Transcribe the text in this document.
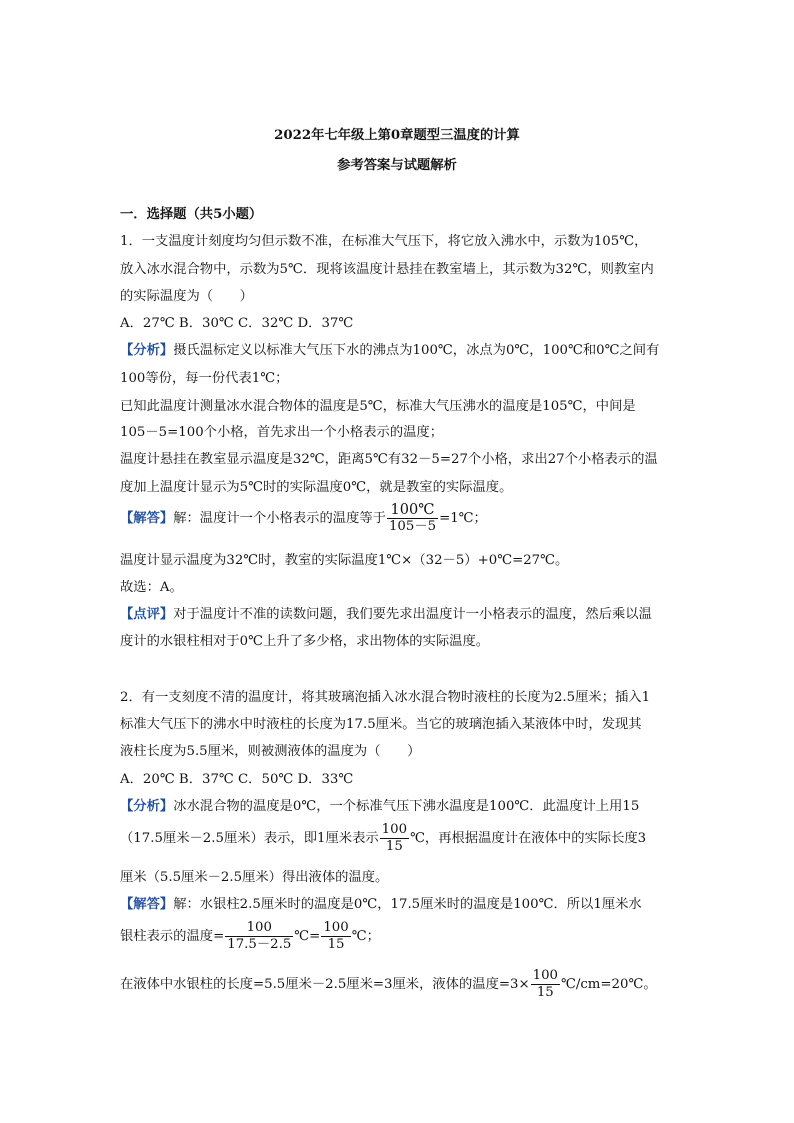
2022年七年级上第0章题型三温度的计算
参考答案与试题解析
一．选择题（共5小题）
1．一支温度计刻度均匀但示数不准，在标准大气压下，将它放入沸水中，示数为105℃，
放入冰水混合物中，示数为5℃．现将该温度计悬挂在教室墙上，其示数为32℃，则教室内
的实际温度为（　　）
A．27℃ B．30℃ C．32℃ D．37℃
【分析】摄氏温标定义以标准大气压下水的沸点为100℃，冰点为0℃，100℃和0℃之间有
100等份，每一份代表1℃；
已知此温度计测量冰水混合物体的温度是5℃，标准大气压沸水的温度是105℃，中间是
105－5=100个小格，首先求出一个小格表示的温度；
温度计悬挂在教室显示温度是32℃，距离5℃有32－5=27个小格，求出27个小格表示的温
度加上温度计显示为5℃时的实际温度0℃，就是教室的实际温度。
【解答】解：温度计一个小格表示的温度等于 $\frac{100℃}{105-5}$ =1℃；
温度计显示温度为32℃时，教室的实际温度1℃×（32－5）+0℃=27℃。
故选：A。
【点评】对于温度计不准的读数问题，我们要先求出温度计一小格表示的温度，然后乘以温
度计的水银柱相对于0℃上升了多少格，求出物体的实际温度。
2．有一支刻度不清的温度计，将其玻璃泡插入冰水混合物时液柱的长度为2.5厘米；插入1
标准大气压下的沸水中时液柱的长度为17.5厘米。当它的玻璃泡插入某液体中时，发现其
液柱长度为5.5厘米，则被测液体的温度为（　　）
A．20℃ B．37℃ C．50℃ D．33℃
【分析】冰水混合物的温度是0℃，一个标准气压下沸水温度是100℃．此温度计上用15
（17.5厘米－2.5厘米）表示，即1厘米表示 $\frac{100}{15}$ ℃，再根据温度计在液体中的实际长度3
厘米（5.5厘米－2.5厘米）得出液体的温度。
【解答】解：水银柱2.5厘米时的温度是0℃，17.5厘米时的温度是100℃．所以1厘米水
银柱表示的温度= $\frac{100}{17.5-2.5}$ ℃= $\frac{100}{15}$ ℃；
在液体中水银柱的长度=5.5厘米－2.5厘米=3厘米，液体的温度$=3\times \frac{100}{15}$ ℃/cm=20℃。
